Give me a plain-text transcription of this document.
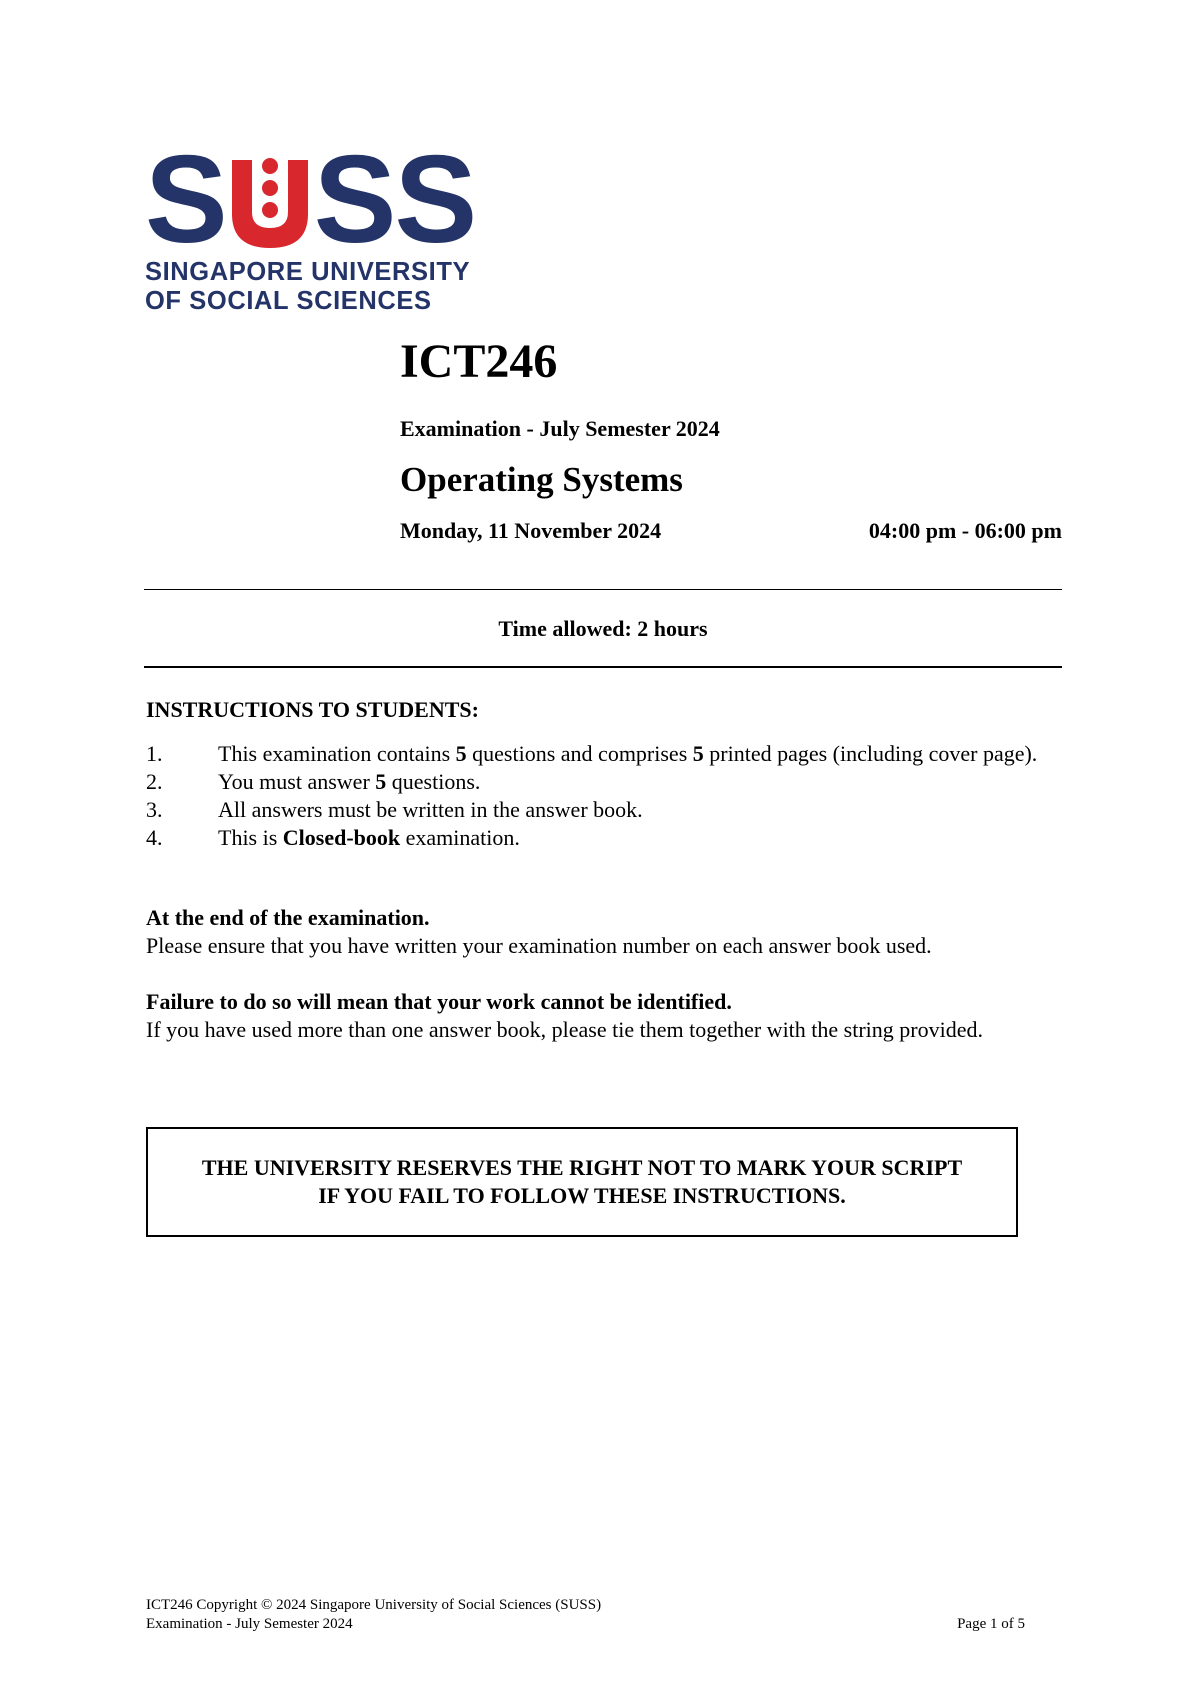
S S S
SINGAPORE UNIVERSITY
OF SOCIAL SCIENCES
ICT246
Examination - July Semester 2024
Operating Systems
Monday, 11 November 2024	04:00 pm - 06:00 pm
Time allowed: 2 hours
INSTRUCTIONS TO STUDENTS:
1.	This examination contains 5 questions and comprises 5 printed pages (including cover page).
2.	You must answer 5 questions.
3.	All answers must be written in the answer book.
4.	This is Closed-book examination.
At the end of the examination.
Please ensure that you have written your examination number on each answer book used.
Failure to do so will mean that your work cannot be identified.
If you have used more than one answer book, please tie them together with the string provided.
THE UNIVERSITY RESERVES THE RIGHT NOT TO MARK YOUR SCRIPT
IF YOU FAIL TO FOLLOW THESE INSTRUCTIONS.
ICT246 Copyright © 2024 Singapore University of Social Sciences (SUSS)
Examination - July Semester 2024	Page 1 of 5
